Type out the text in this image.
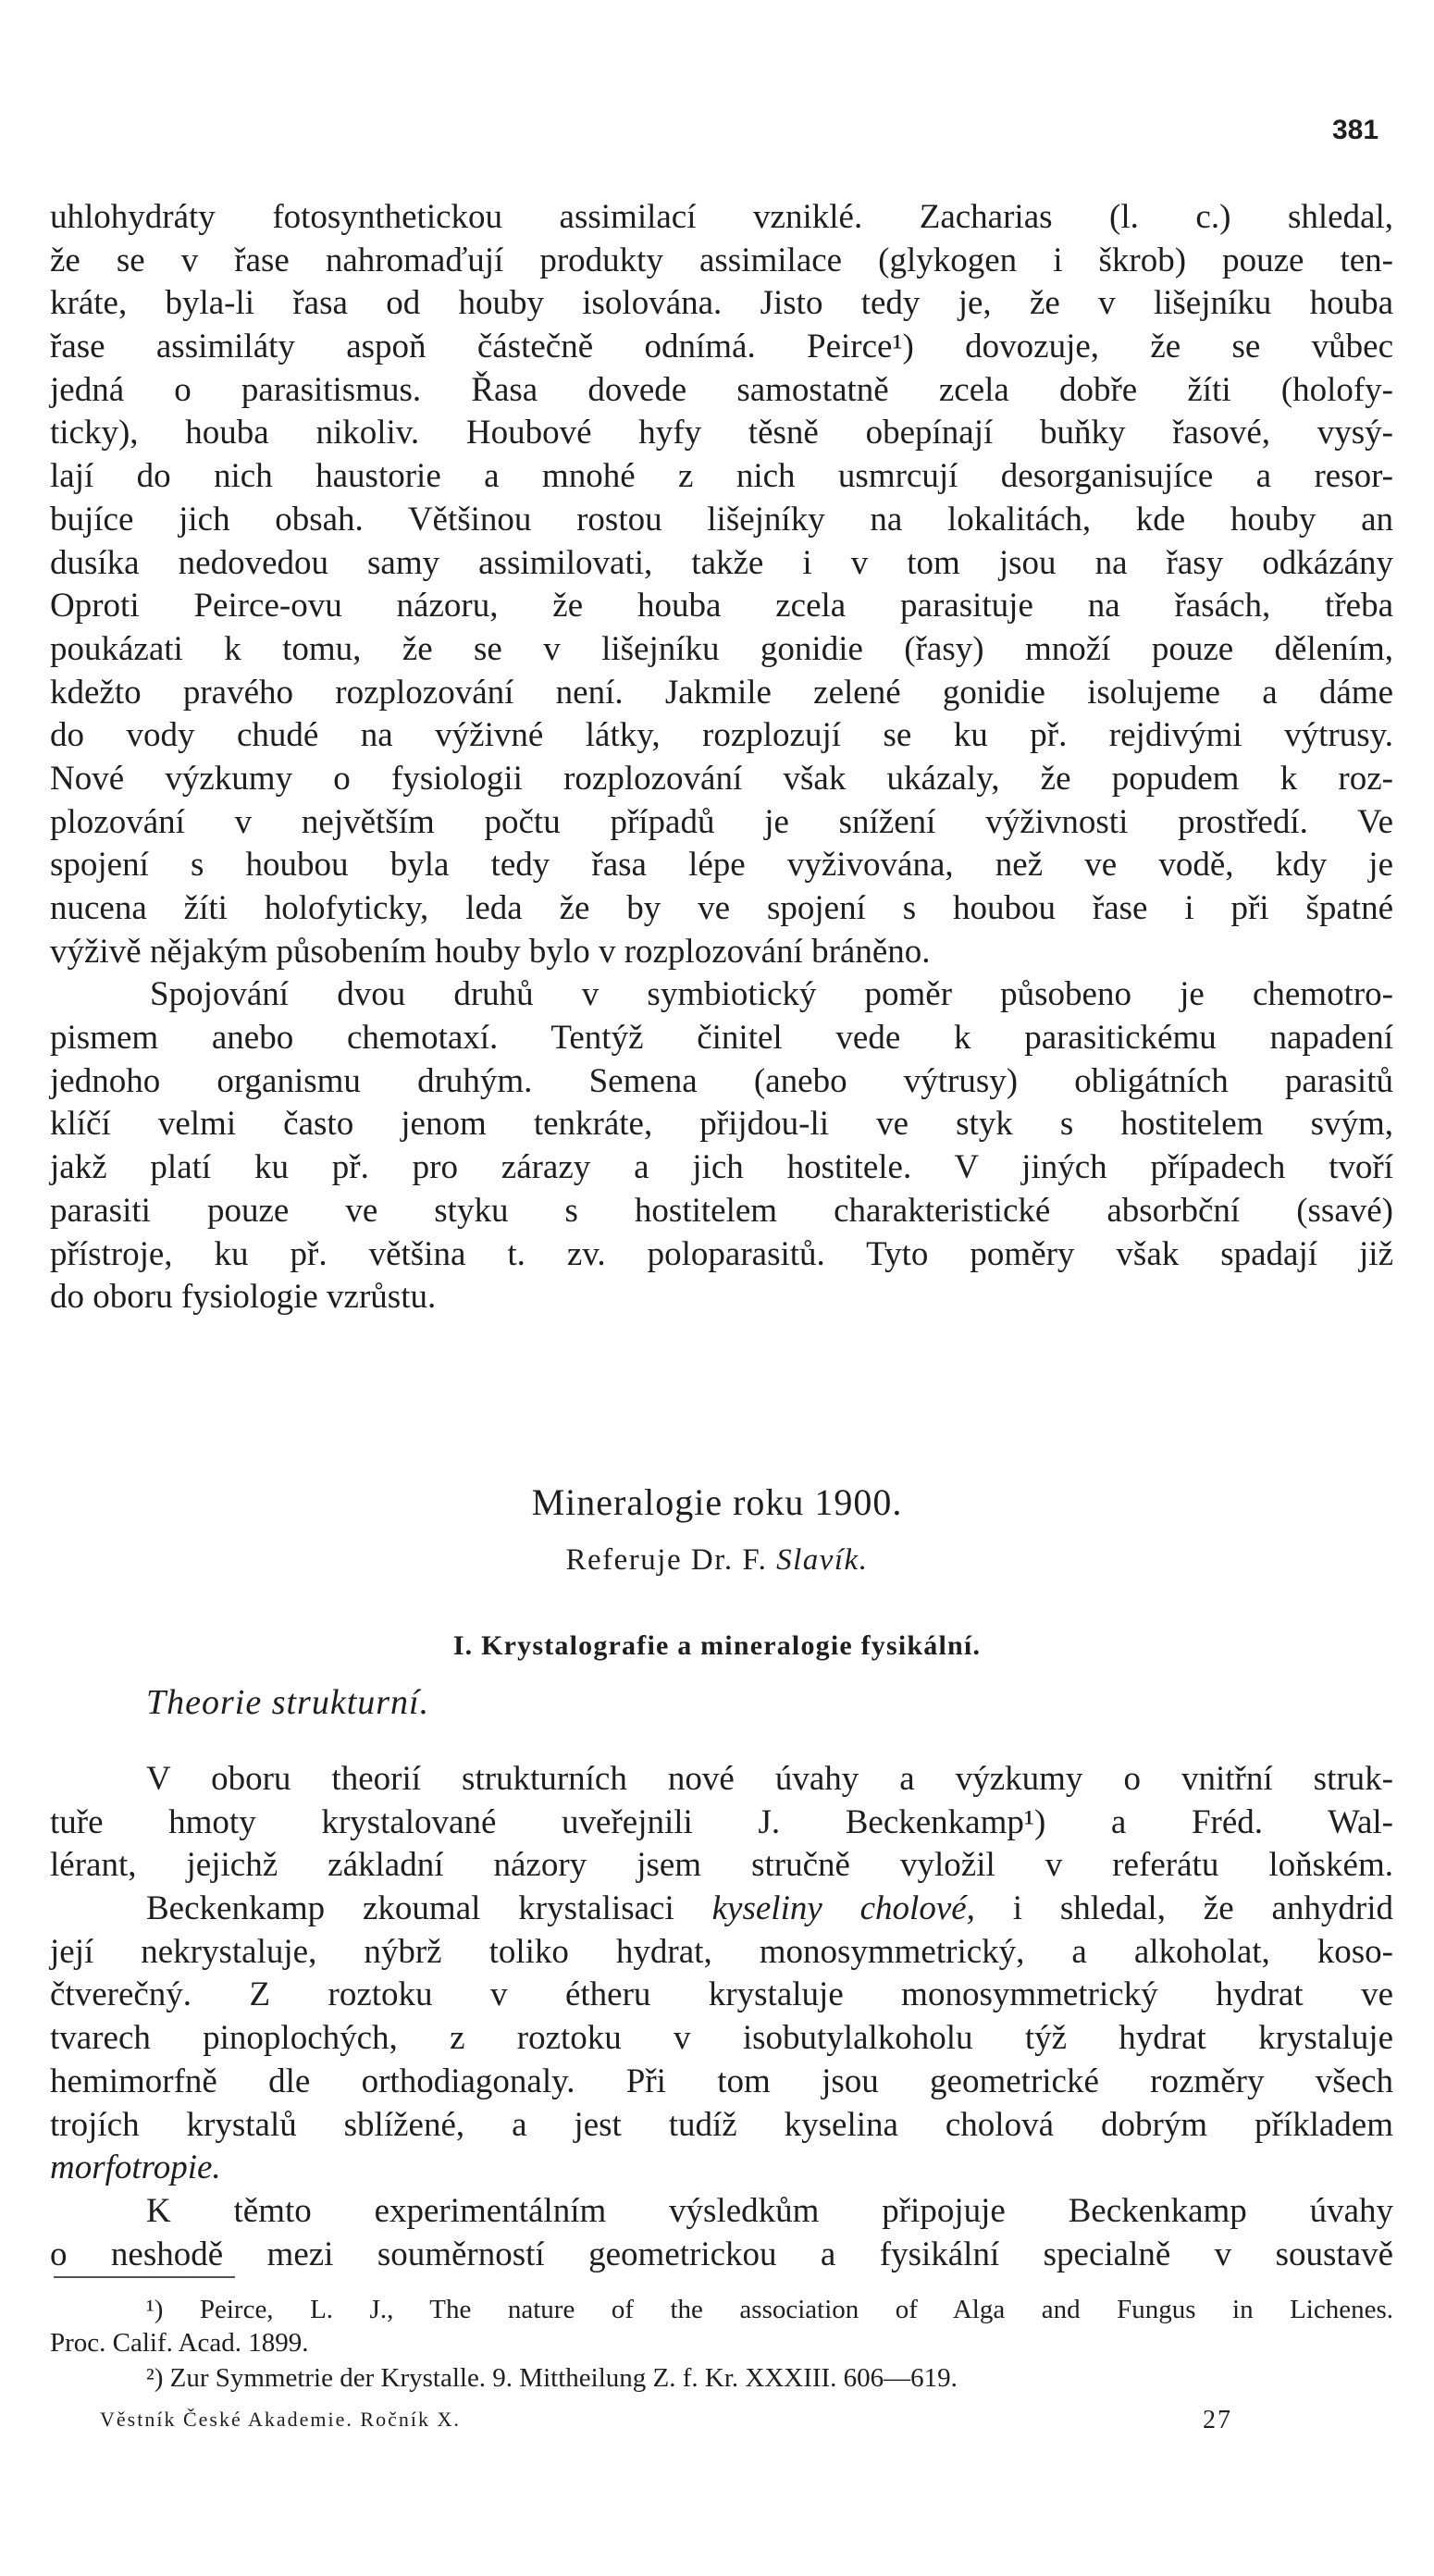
381
uhlohydráty fotosynthetickou assimilací vzniklé. Zacharias (l. c.) shledal,
že se v řase nahromaďují produkty assimilace (glykogen i škrob) pouze ten-
kráte, byla-li řasa od houby isolována. Jisto tedy je, že v lišejníku houba
řase assimiláty aspoň částečně odnímá. Peirce¹) dovozuje, že se vůbec
jedná o parasitismus. Řasa dovede samostatně zcela dobře žíti (holofy-
ticky), houba nikoliv. Houbové hyfy těsně obepínají buňky řasové, vysý-
lají do nich haustorie a mnohé z nich usmrcují desorganisujíce a resor-
bujíce jich obsah. Většinou rostou lišejníky na lokalitách, kde houby an
dusíka nedovedou samy assimilovati, takže i v tom jsou na řasy odkázány
Oproti Peirce-ovu názoru, že houba zcela parasituje na řasách, třeba
poukázati k tomu, že se v lišejníku gonidie (řasy) množí pouze dělením,
kdežto pravého rozplozování není. Jakmile zelené gonidie isolujeme a dáme
do vody chudé na výživné látky, rozplozují se ku př. rejdivými výtrusy.
Nové výzkumy o fysiologii rozplozování však ukázaly, že popudem k roz-
plozování v největším počtu případů je snížení výživnosti prostředí. Ve
spojení s houbou byla tedy řasa lépe vyživována, než ve vodě, kdy je
nucena žíti holofyticky, leda že by ve spojení s houbou řase i při špatné
výživě nějakým působením houby bylo v rozplozování bráněno.
Spojování dvou druhů v symbiotický poměr působeno je chemotro-
pismem anebo chemotaxí. Tentýž činitel vede k parasitickému napadení
jednoho organismu druhým. Semena (anebo výtrusy) obligátních parasitů
klíčí velmi často jenom tenkráte, přijdou-li ve styk s hostitelem svým,
jakž platí ku př. pro zárazy a jich hostitele. V jiných případech tvoří
parasiti pouze ve styku s hostitelem charakteristické absorbční (ssavé)
přístroje, ku př. většina t. zv. poloparasitů. Tyto poměry však spadají již
do oboru fysiologie vzrůstu.
Mineralogie roku 1900.
Referuje Dr. F. Slavík.
I. Krystalografie a mineralogie fysikální.
Theorie strukturní.
V oboru theorií strukturních nové úvahy a výzkumy o vnitřní struk-
tuře hmoty krystalované uveřejnili J. Beckenkamp¹) a Fréd. Wal-
lérant, jejichž základní názory jsem stručně vyložil v referátu loňském.
Beckenkamp zkoumal krystalisaci kyseliny cholové, i shledal, že anhydrid
její nekrystaluje, nýbrž toliko hydrat, monosymmetrický, a alkoholat, koso-
čtverečný. Z roztoku v étheru krystaluje monosymmetrický hydrat ve
tvarech pinoplochých, z roztoku v isobutylalkoholu týž hydrat krystaluje
hemimorfně dle orthodiagonaly. Při tom jsou geometrické rozměry všech
trojích krystalů sblížené, a jest tudíž kyselina cholová dobrým příkladem
morfotropie.
K těmto experimentálním výsledkům připojuje Beckenkamp úvahy
o neshodě mezi souměrností geometrickou a fysikální specialně v soustavě
¹) Peirce, L. J., The nature of the association of Alga and Fungus in Lichenes.
Proc. Calif. Acad. 1899.
²) Zur Symmetrie der Krystalle. 9. Mittheilung Z. f. Kr. XXXIII. 606—619.
Věstník České Akademie. Ročník X.	27
